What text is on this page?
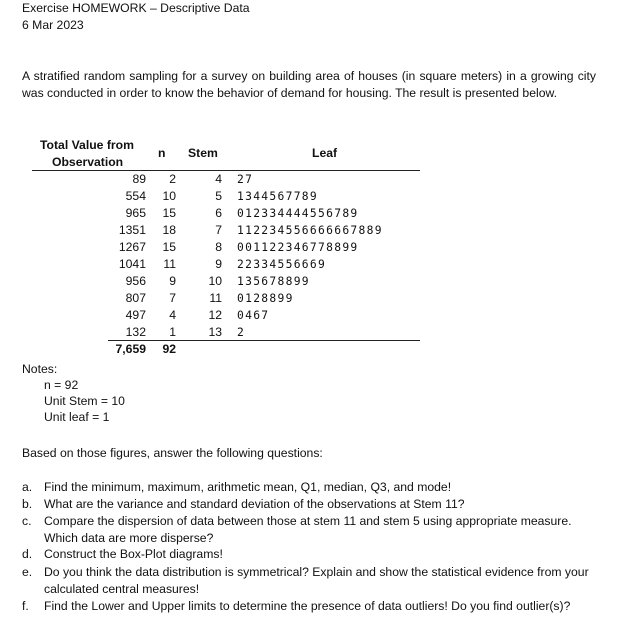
Exercise HOMEWORK – Descriptive Data
6 Mar 2023
A stratified random sampling for a survey on building area of houses (in square meters) in a growing city was conducted in order to know the behavior of demand for housing. The result is presented below.
Total Value from
Observation
n Stem	Leaf
89	2	4 27
554	10	5 1344567789
965	15	6 012334444556789
1351	18	7 112234556666667889
1267	15	8 001122346778899
1041	11	9 22334556669
956	9	10 135678899
807	7	11 0128899
497	4	12 0467
132	1	13 2
7,659	92
Notes:
n = 92
Unit Stem = 10
Unit leaf = 1
Based on those figures, answer the following questions:
a. Find the minimum, maximum, arithmetic mean, Q1, median, Q3, and mode!
b. What are the variance and standard deviation of the observations at Stem 11?
c. Compare the dispersion of data between those at stem 11 and stem 5 using appropriate measure. Which data are more disperse?
d. Construct the Box-Plot diagrams!
e. Do you think the data distribution is symmetrical? Explain and show the statistical evidence from your calculated central measures!
f. Find the Lower and Upper limits to determine the presence of data outliers! Do you find outlier(s)?
